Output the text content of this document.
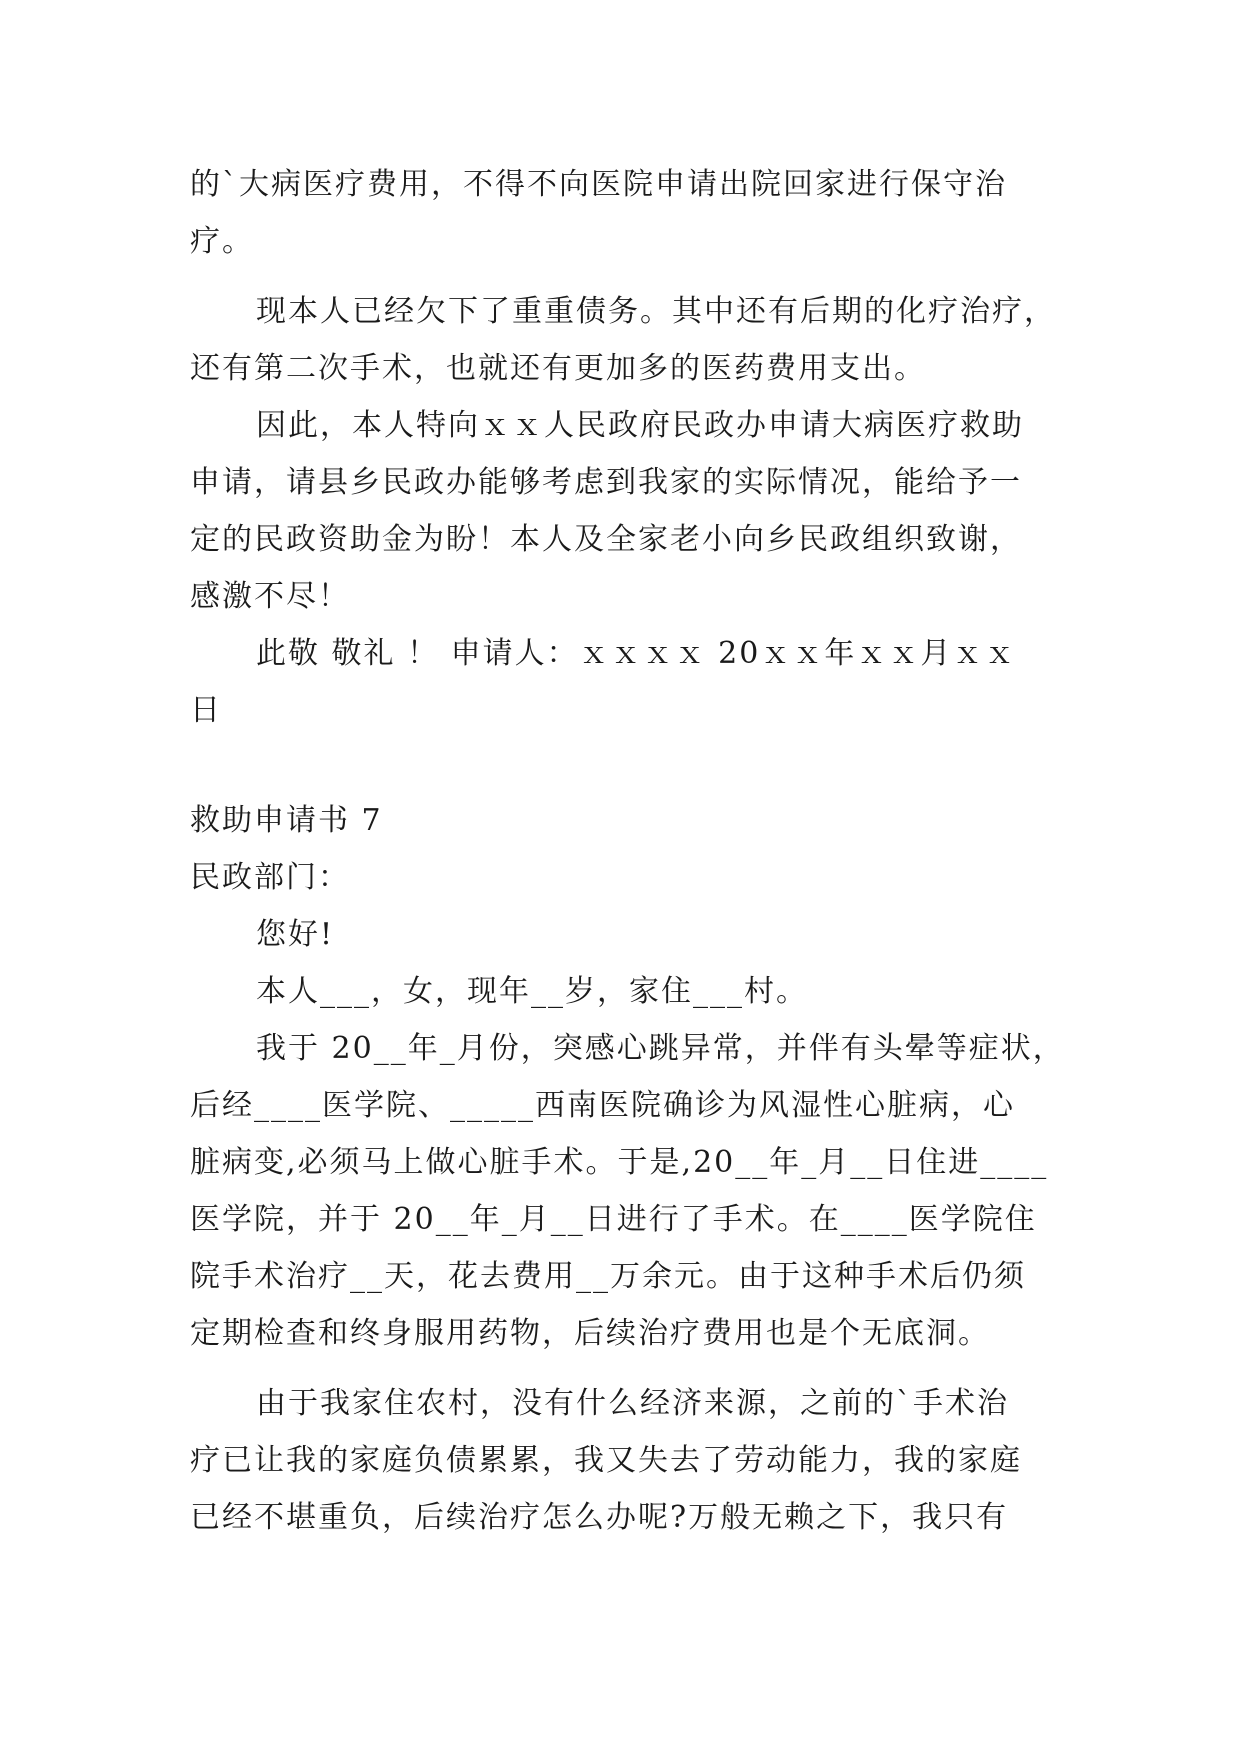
的`大病医疗费用，不得不向医院申请出院回家进行保守治
疗。
现本人已经欠下了重重债务。其中还有后期的化疗治疗，
还有第二次手术，也就还有更加多的医药费用支出。
因此，本人特向ｘｘ人民政府民政办申请大病医疗救助
申请，请县乡民政办能够考虑到我家的实际情况，能给予一
定的民政资助金为盼！本人及全家老小向乡民政组织致谢，
感激不尽！
此敬 敬礼 ！ 申请人：ｘｘｘｘ 20ｘｘ年ｘｘ月ｘｘ
日
救助申请书 7
民政部门：
您好!
本人___，女，现年__岁，家住___村。
我于 20__年_月份，突感心跳异常，并伴有头晕等症状，
后经____医学院、_____西南医院确诊为风湿性心脏病，心
脏病变,必须马上做心脏手术。于是,20__年_月__日住进____
医学院，并于 20__年_月__日进行了手术。在____医学院住
院手术治疗__天，花去费用__万余元。由于这种手术后仍须
定期检查和终身服用药物，后续治疗费用也是个无底洞。
由于我家住农村，没有什么经济来源，之前的`手术治
疗已让我的家庭负债累累，我又失去了劳动能力，我的家庭
已经不堪重负，后续治疗怎么办呢?万般无赖之下，我只有
